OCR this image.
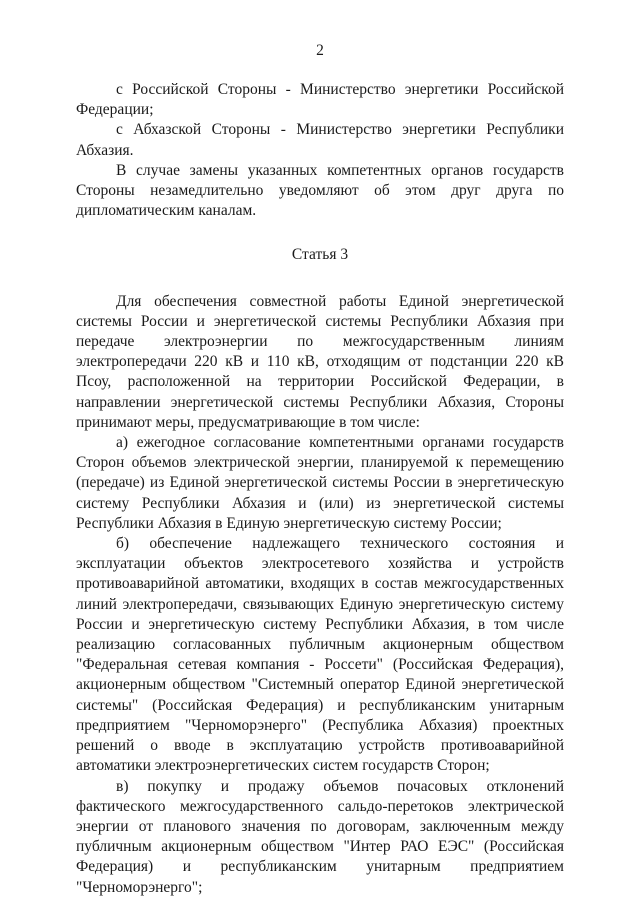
2

с Российской Стороны - Министерство энергетики Российской Федерации;

с Абхазской Стороны - Министерство энергетики Республики Абхазия.

В случае замены указанных компетентных органов государств Стороны незамедлительно уведомляют об этом друг друга по дипломатическим каналам.

Статья 3

Для обеспечения совместной работы Единой энергетической системы России и энергетической системы Республики Абхазия при передаче электроэнергии по межгосударственным линиям электропередачи 220 кВ и 110 кВ, отходящим от подстанции 220 кВ Псоу, расположенной на территории Российской Федерации, в направлении энергетической системы Республики Абхазия, Стороны принимают меры, предусматривающие в том числе:

а) ежегодное согласование компетентными органами государств Сторон объемов электрической энергии, планируемой к перемещению (передаче) из Единой энергетической системы России в энергетическую систему Республики Абхазия и (или) из энергетической системы Республики Абхазия в Единую энергетическую систему России;

б) обеспечение надлежащего технического состояния и эксплуатации объектов электросетевого хозяйства и устройств противоаварийной автоматики, входящих в состав межгосударственных линий электропередачи, связывающих Единую энергетическую систему России и энергетическую систему Республики Абхазия, в том числе реализацию согласованных публичным акционерным обществом "Федеральная сетевая компания - Россети" (Российская Федерация), акционерным обществом "Системный оператор Единой энергетической системы" (Российская Федерация) и республиканским унитарным предприятием "Черноморэнерго" (Республика Абхазия) проектных решений о вводе в эксплуатацию устройств противоаварийной автоматики электроэнергетических систем государств Сторон;

в) покупку и продажу объемов почасовых отклонений фактического межгосударственного сальдо-перетоков электрической энергии от планового значения по договорам, заключенным между публичным акционерным обществом "Интер РАО ЕЭС" (Российская Федерация) и республиканским унитарным предприятием "Черноморэнерго";
